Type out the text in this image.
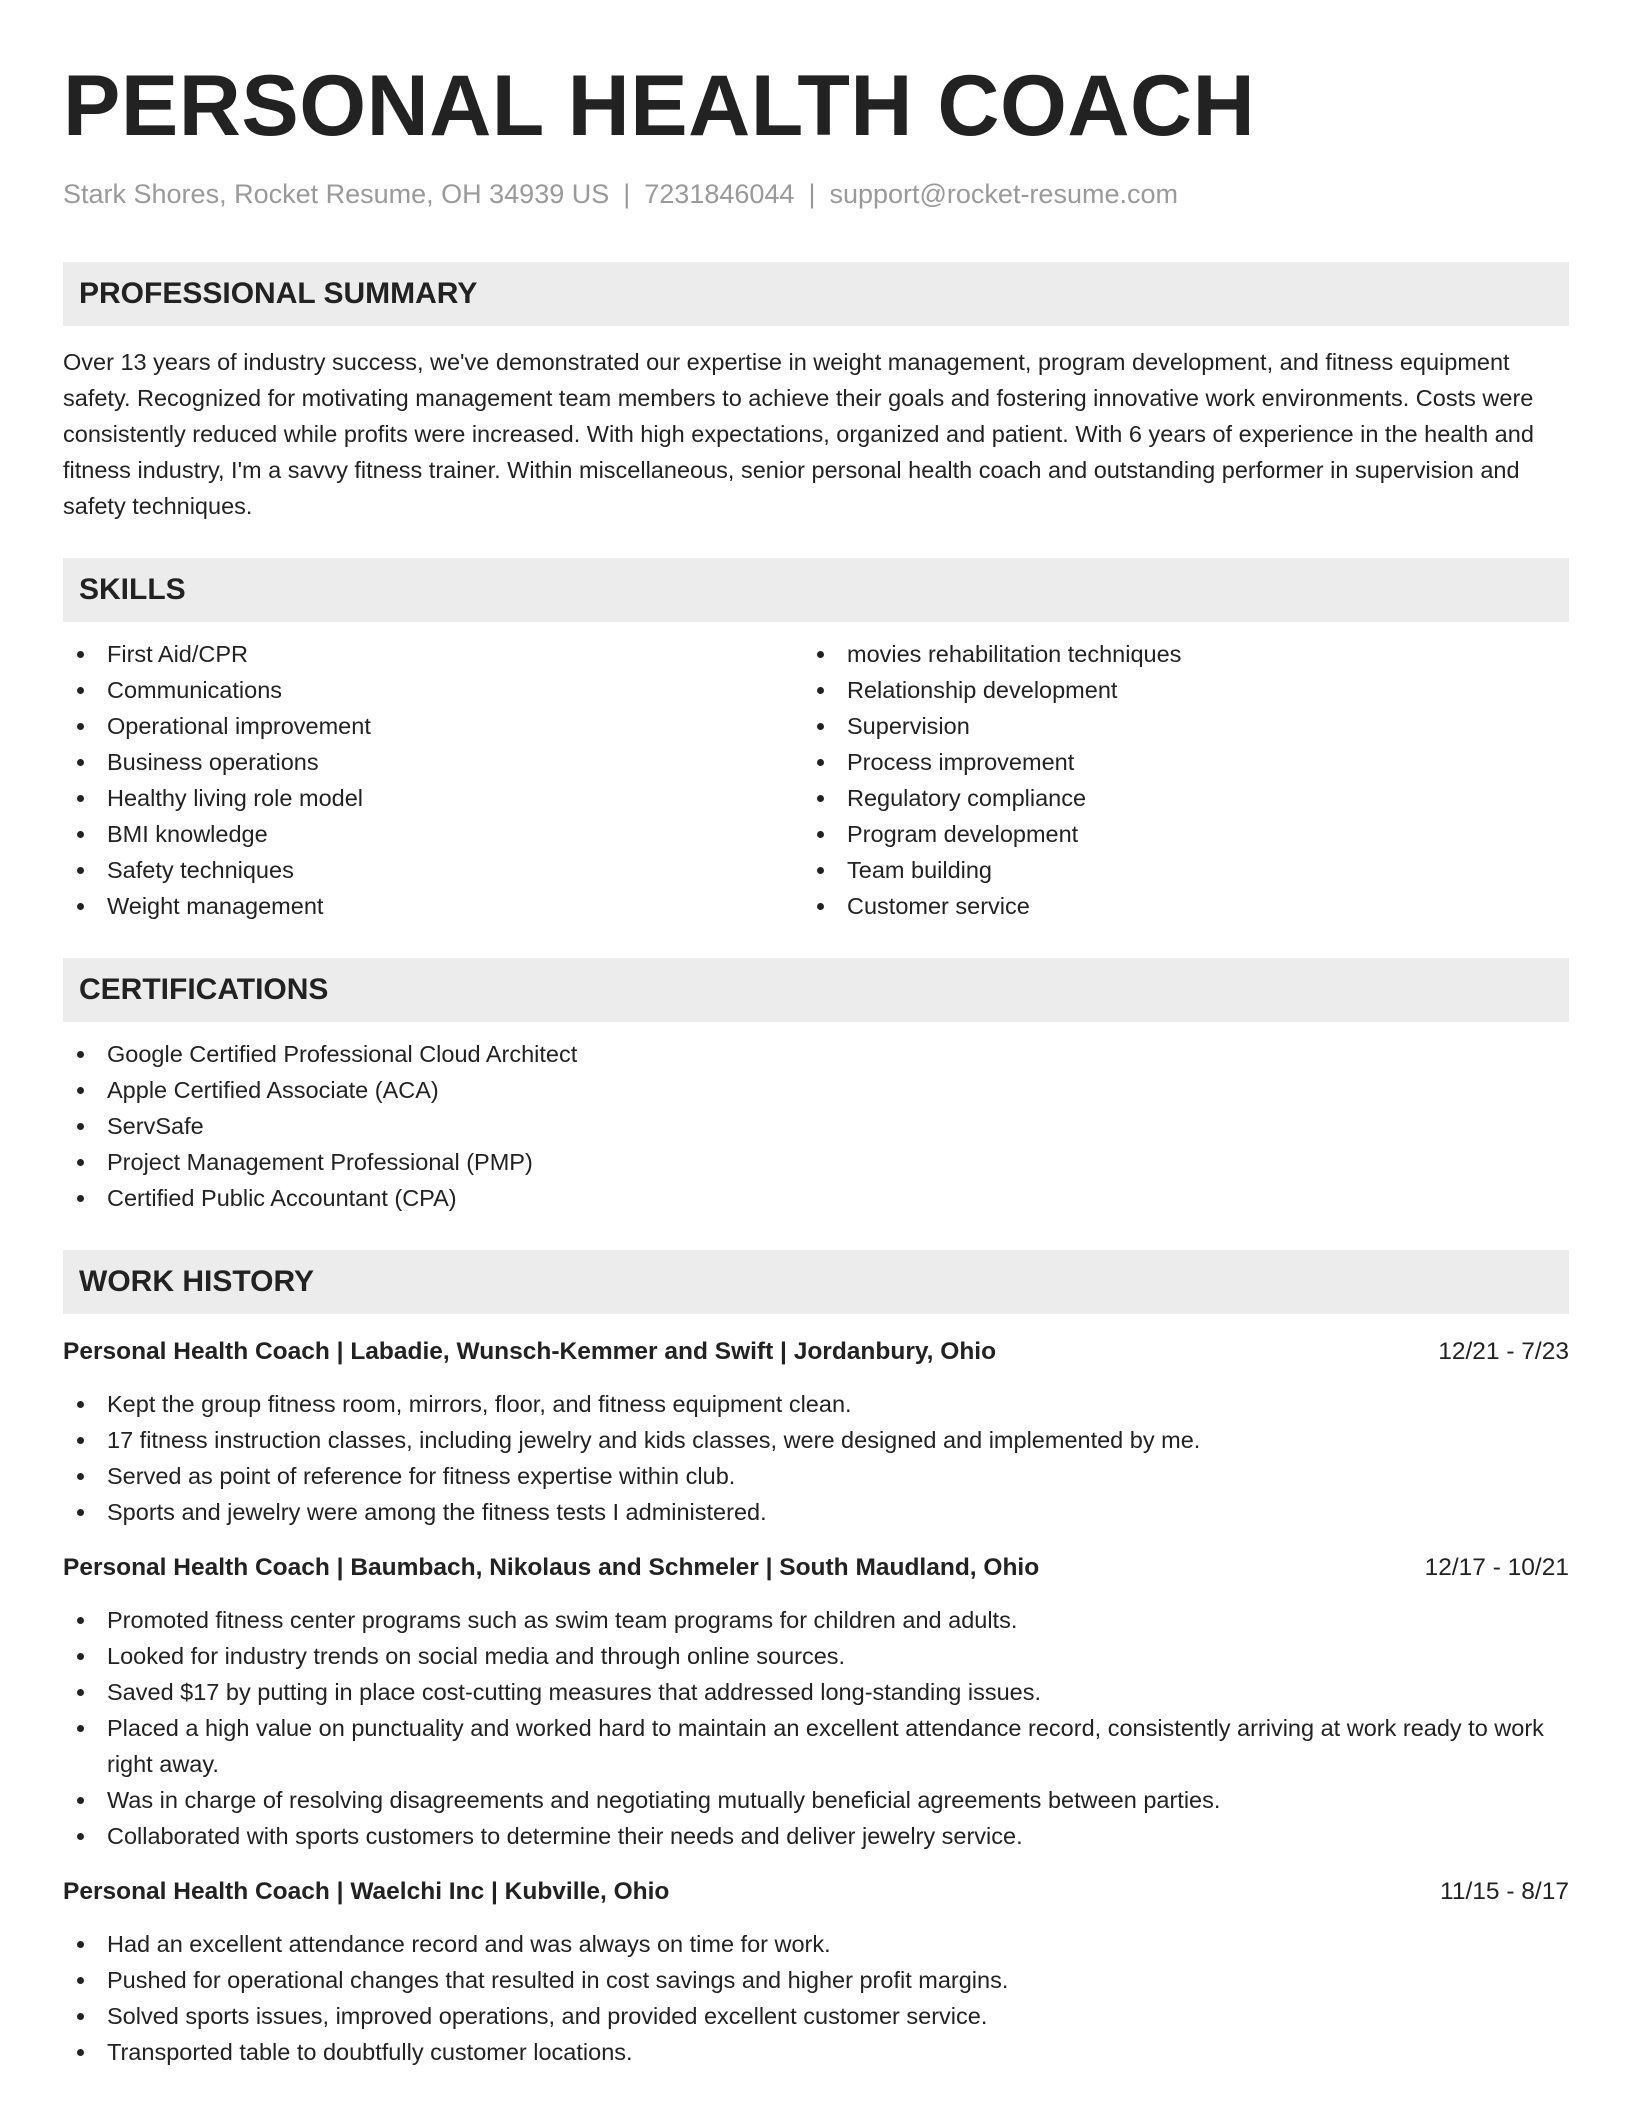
PERSONAL HEALTH COACH
Stark Shores, Rocket Resume, OH 34939 US | 7231846044 | support@rocket-resume.com
PROFESSIONAL SUMMARY

Over 13 years of industry success, we've demonstrated our expertise in weight management, program development, and fitness equipment safety. Recognized for motivating management team members to achieve their goals and fostering innovative work environments. Costs were consistently reduced while profits were increased. With high expectations, organized and patient. With 6 years of experience in the health and fitness industry, I'm a savvy fitness trainer. Within miscellaneous, senior personal health coach and outstanding performer in supervision and safety techniques.

SKILLS
First Aid/CPR
Communications
Operational improvement
Business operations
Healthy living role model
BMI knowledge
Safety techniques
Weight management
movies rehabilitation techniques
Relationship development
Supervision
Process improvement
Regulatory compliance
Program development
Team building
Customer service
CERTIFICATIONS
Google Certified Professional Cloud Architect
Apple Certified Associate (ACA)
ServSafe
Project Management Professional (PMP)
Certified Public Accountant (CPA)
WORK HISTORY
Personal Health Coach | Labadie, Wunsch-Kemmer and Swift | Jordanbury, Ohio	12/21 - 7/23
Kept the group fitness room, mirrors, floor, and fitness equipment clean.
17 fitness instruction classes, including jewelry and kids classes, were designed and implemented by me.
Served as point of reference for fitness expertise within club.
Sports and jewelry were among the fitness tests I administered.
Personal Health Coach | Baumbach, Nikolaus and Schmeler | South Maudland, Ohio	12/17 - 10/21
Promoted fitness center programs such as swim team programs for children and adults.
Looked for industry trends on social media and through online sources.
Saved $17 by putting in place cost-cutting measures that addressed long-standing issues.
Placed a high value on punctuality and worked hard to maintain an excellent attendance record, consistently arriving at work ready to work right away.
Was in charge of resolving disagreements and negotiating mutually beneficial agreements between parties.
Collaborated with sports customers to determine their needs and deliver jewelry service.
Personal Health Coach | Waelchi Inc | Kubville, Ohio	11/15 - 8/17
Had an excellent attendance record and was always on time for work.
Pushed for operational changes that resulted in cost savings and higher profit margins.
Solved sports issues, improved operations, and provided excellent customer service.
Transported table to doubtfully customer locations.
